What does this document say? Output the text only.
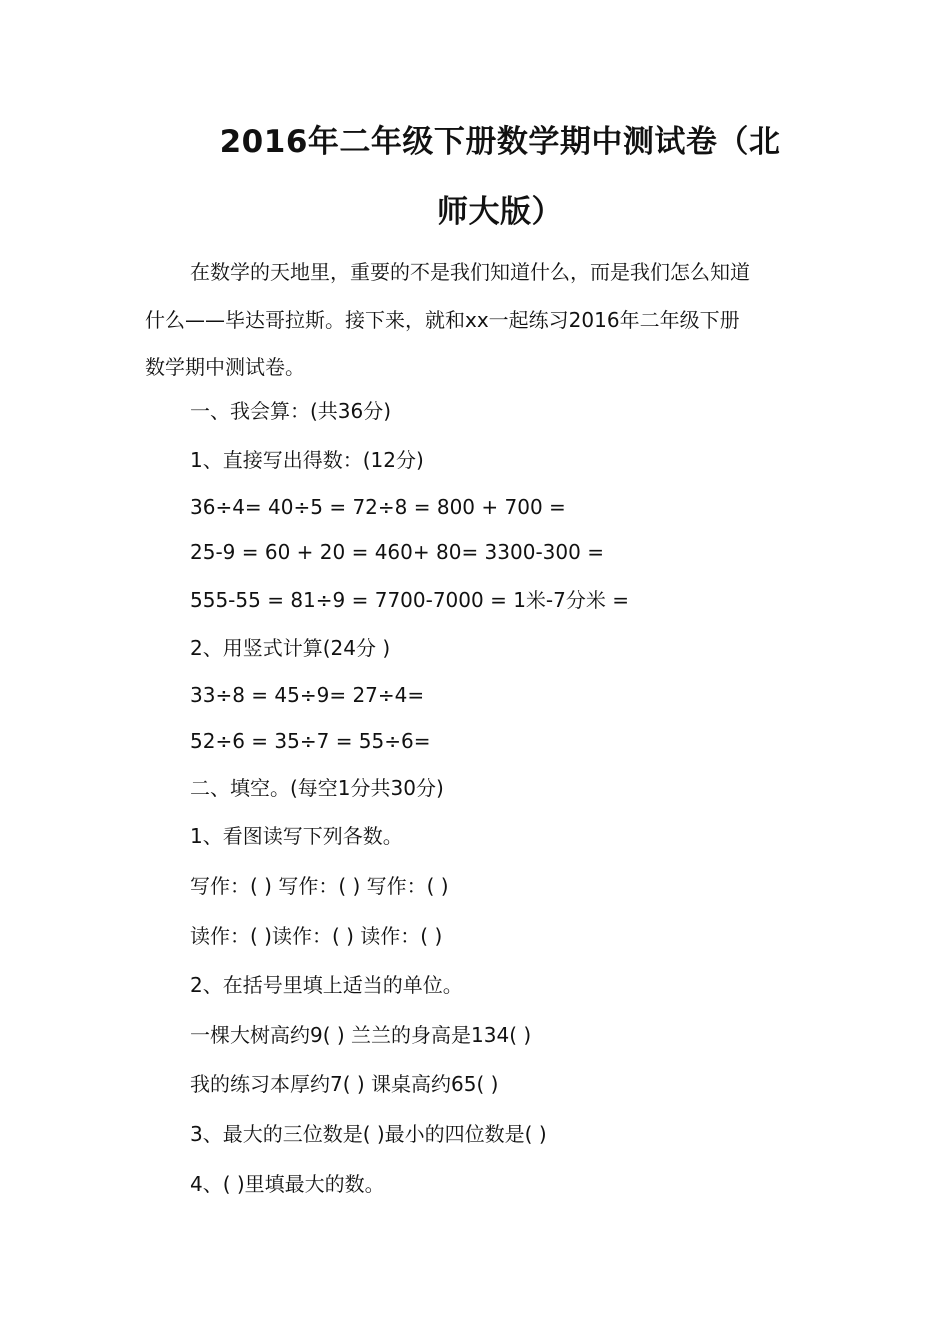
2016年二年级下册数学期中测试卷（北
师大版）
在数学的天地里，重要的不是我们知道什么，而是我们怎么知道
什么——毕达哥拉斯。接下来，就和xx一起练习2016年二年级下册
数学期中测试卷。
一、我会算：(共36分)
1、直接写出得数：(12分)
36÷4= 40÷5 = 72÷8 = 800 + 700 =
25-9 = 60 + 20 = 460+ 80= 3300-300 =
555-55 = 81÷9 = 7700-7000 = 1米-7分米 =
2、用竖式计算(24分 )
33÷8 = 45÷9= 27÷4=
52÷6 = 35÷7 = 55÷6=
二、填空。(每空1分共30分)
1、看图读写下列各数。
写作：( ) 写作：( ) 写作：( )
读作：( )读作：( ) 读作：( )
2、在括号里填上适当的单位。
一棵大树高约9( ) 兰兰的身高是134( )
我的练习本厚约7( ) 课桌高约65( )
3、最大的三位数是( )最小的四位数是( )
4、( )里填最大的数。
